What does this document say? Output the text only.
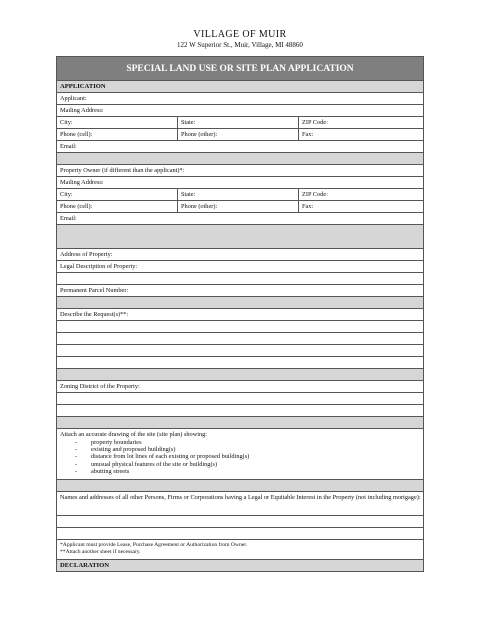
VILLAGE OF MUIR
122 W Superior St., Muir, Village, MI 48860
SPECIAL LAND USE OR SITE PLAN APPLICATION
APPLICATION
Applicant:
Mailing Address:
City:	State:	ZIP Code:
Phone (cell):	Phone (other):	Fax:
Email:
Property Owner (if different than the applicant)*:
Mailing Address:
City:	State:	ZIP Code:
Phone (cell):	Phone (other):	Fax:
Email:
Address of Property:
Legal Description of Property:
Permanent Parcel Number:
Describe the Request(s)**:
Zoning District of the Property:
Attach an accurate drawing of the site (site plan) showing:
- property boundaries
- existing and proposed building(s)
- distance from lot lines of each existing or proposed building(s)
- unusual physical features of the site or building(s)
- abutting streets
Names and addresses of all other Persons, Firms or Corporations having a Legal or Equitable Interest in the Property (not including mortgage):
*Applicant must provide Lease, Purchase Agreement or Authorization from Owner.
**Attach another sheet if necessary.
DECLARATION
